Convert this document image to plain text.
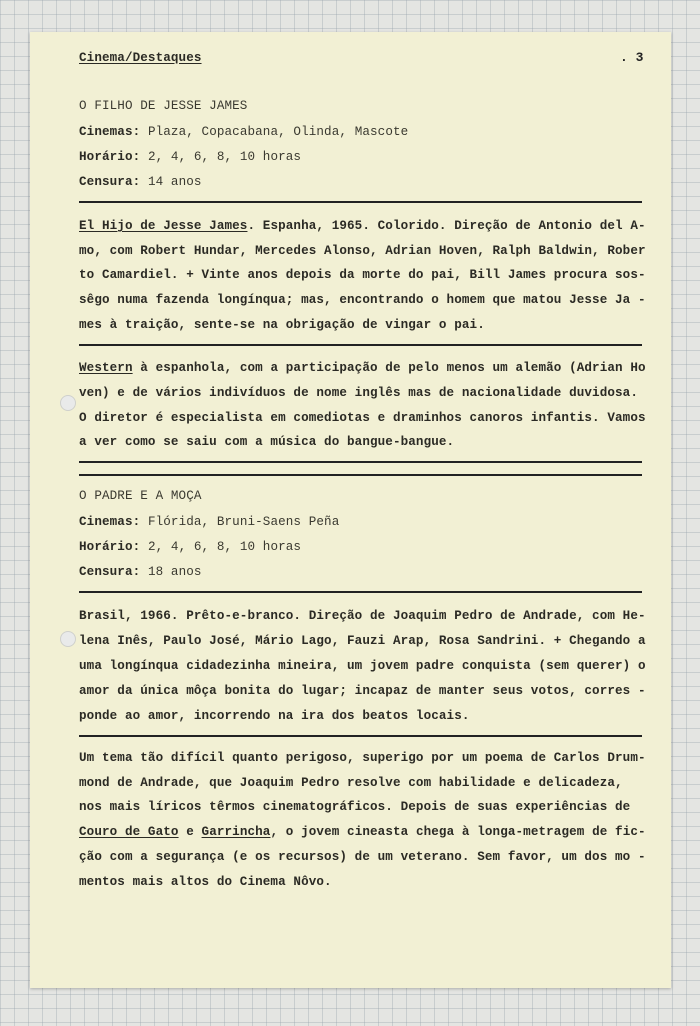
Cinema/Destaques	. 3
O FILHO DE JESSE JAMES
Cinemas: Plaza, Copacabana, Olinda, Mascote
Horário: 2, 4, 6, 8, 10 horas
Censura: 14 anos
El Hijo de Jesse James. Espanha, 1965. Colorido. Direção de Antonio del A-
mo, com Robert Hundar, Mercedes Alonso, Adrian Hoven, Ralph Baldwin, Rober
to Camardiel. + Vinte anos depois da morte do pai, Bill James procura sos-
sêgo numa fazenda longínqua; mas, encontrando o homem que matou Jesse Ja -
mes à traição, sente-se na obrigação de vingar o pai.
Western à espanhola, com a participação de pelo menos um alemão (Adrian Ho
ven) e de vários indivíduos de nome inglês mas de nacionalidade duvidosa.
O diretor é especialista em comediotas e draminhos canoros infantis. Vamos
a ver como se saiu com a música do bangue-bangue.
O PADRE E A MOÇA
Cinemas: Flórida, Bruni-Saens Peña
Horário: 2, 4, 6, 8, 10 horas
Censura: 18 anos
Brasil, 1966. Prêto-e-branco. Direção de Joaquim Pedro de Andrade, com He-
lena Inês, Paulo José, Mário Lago, Fauzi Arap, Rosa Sandrini. + Chegando a
uma longínqua cidadezinha mineira, um jovem padre conquista (sem querer) o
amor da única môça bonita do lugar; incapaz de manter seus votos, corres -
ponde ao amor, incorrendo na ira dos beatos locais.
Um tema tão difícil quanto perigoso, superigo por um poema de Carlos Drum-
mond de Andrade, que Joaquim Pedro resolve com habilidade e delicadeza,
nos mais líricos têrmos cinematográficos. Depois de suas experiências de
Couro de Gato e Garrincha, o jovem cineasta chega à longa-metragem de fic-
ção com a segurança (e os recursos) de um veterano. Sem favor, um dos mo -
mentos mais altos do Cinema Nôvo.
